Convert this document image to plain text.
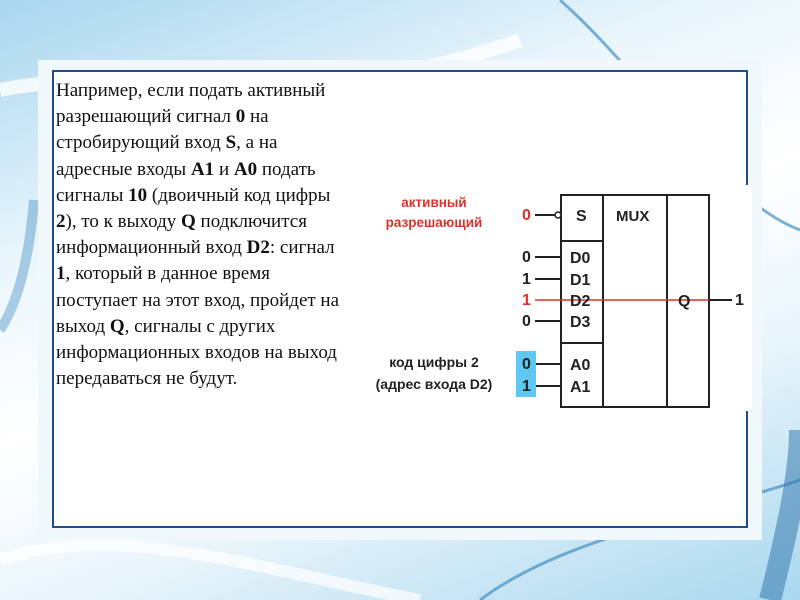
Например, если подать активный разрешающий сигнал 0 на стробирующий вход S, а на адресные входы A1 и A0 подать сигналы 10 (двоичный код цифры 2), то к выходу Q подключится информационный вход D2: сигнал 1, который в данное время поступает на этот вход, пройдет на выход Q, сигналы с других информационных входов на выход передаваться не будут.
активный
разрешающий 0	S MUX
0 D0
1 D1
1 D2
0 D3
Q	1
код цифры 2
(адрес входа D2)
0 A0
1 A1
